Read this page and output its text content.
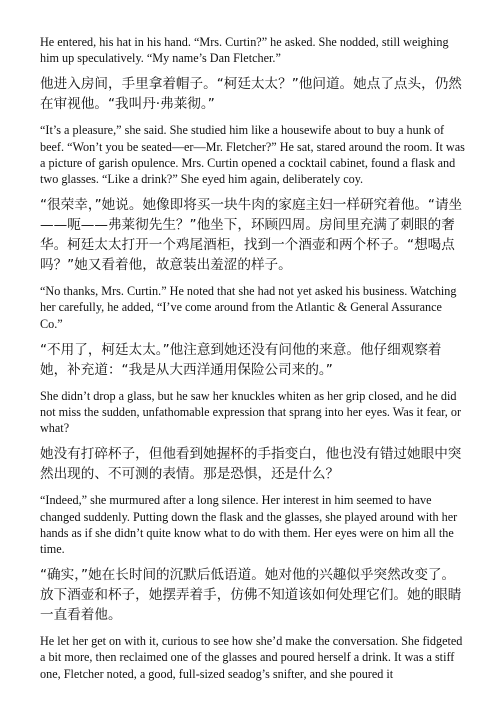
He entered, his hat in his hand. “Mrs. Curtin?” he asked. She nodded, still weighing him up speculatively. “My name’s Dan Fletcher.”

他进入房间，手里拿着帽子。“柯廷太太？”他问道。她点了点头，仍然在审视他。“我叫丹·弗莱彻。”

“It’s a pleasure,” she said. She studied him like a housewife about to buy a hunk of beef. “Won’t you be seated—er—Mr. Fletcher?” He sat, stared around the room. It was a picture of garish opulence. Mrs. Curtin opened a cocktail cabinet, found a flask and two glasses. “Like a drink?” She eyed him again, deliberately coy.

“很荣幸，”她说。她像即将买一块牛肉的家庭主妇一样研究着他。“请坐——呃——弗莱彻先生？”他坐下，环顾四周。房间里充满了刺眼的奢华。柯廷太太打开一个鸡尾酒柜，找到一个酒壶和两个杯子。“想喝点吗？”她又看着他，故意装出羞涩的样子。

“No thanks, Mrs. Curtin.” He noted that she had not yet asked his business. Watching her carefully, he added, “I’ve come around from the Atlantic & General Assurance Co.”

“不用了，柯廷太太。”他注意到她还没有问他的来意。他仔细观察着她，补充道：“我是从大西洋通用保险公司来的。”

She didn’t drop a glass, but he saw her knuckles whiten as her grip closed, and he did not miss the sudden, unfathomable expression that sprang into her eyes. Was it fear, or what?

她没有打碎杯子，但他看到她握杯的手指变白，他也没有错过她眼中突然出现的、不可测的表情。那是恐惧，还是什么？

“Indeed,” she murmured after a long silence. Her interest in him seemed to have changed suddenly. Putting down the flask and the glasses, she played around with her hands as if she didn’t quite know what to do with them. Her eyes were on him all the time.

“确实，”她在长时间的沉默后低语道。她对他的兴趣似乎突然改变了。放下酒壶和杯子，她摆弄着手，仿佛不知道该如何处理它们。她的眼睛一直看着他。

He let her get on with it, curious to see how she’d make the conversation. She fidgeted a bit more, then reclaimed one of the glasses and poured herself a drink. It was a stiff one, Fletcher noted, a good, full-sized seadog’s snifter, and she poured it
